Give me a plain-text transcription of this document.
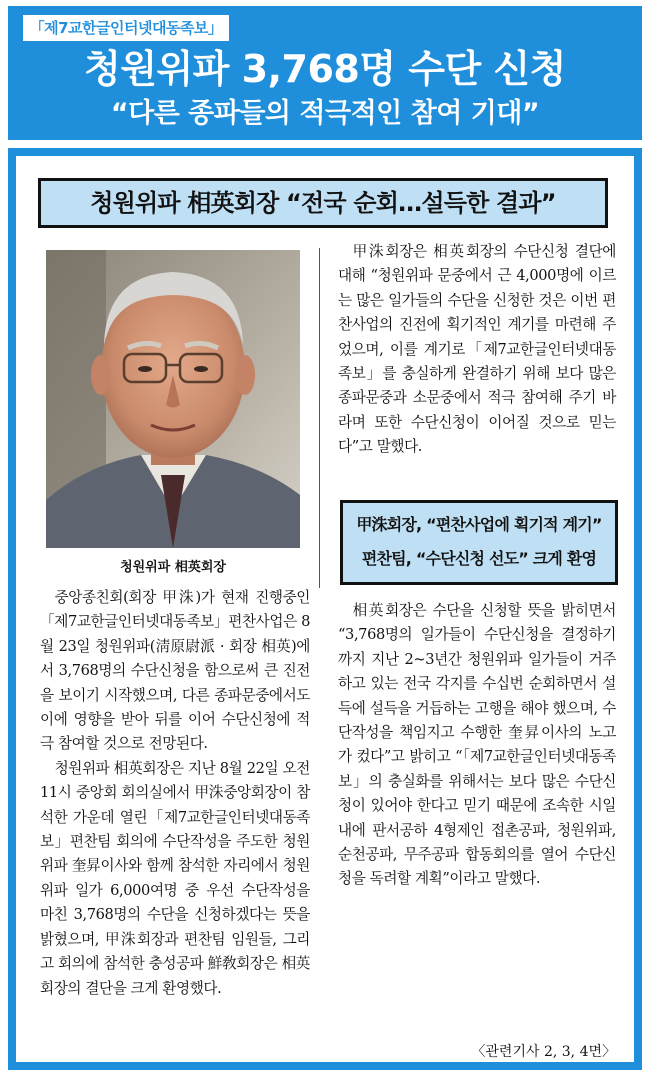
「제7교한글인터넷대동족보」
청원위파 3,768명 수단 신청
“다른 종파들의 적극적인 참여 기대”
청원위파 相英회장 “전국 순회…설득한 결과”
청원위파 相英회장

중앙종친회(회장 甲洙)가 현재 진행중인「제7교한글인터넷대동족보」편찬사업은 8월 23일 청원위파(淸原尉派 · 회장 相英)에서 3,768명의 수단신청을 함으로써 큰 진전을 보이기 시작했으며, 다른 종파문중에서도 이에 영향을 받아 뒤를 이어 수단신청에 적극 참여할 것으로 전망된다.

청원위파 相英회장은 지난 8월 22일 오전 11시 중앙회 회의실에서 甲洙중앙회장이 참석한 가운데 열린「제7교한글인터넷대동족보」편찬팀 회의에 수단작성을 주도한 청원위파 奎昇이사와 함께 참석한 자리에서 청원위파 일가 6,000여명 중 우선 수단작성을 마친 3,768명의 수단을 신청하겠다는 뜻을 밝혔으며, 甲洙회장과 편찬팀 임원들, 그리고 회의에 참석한 충성공파 鮮敎회장은 相英회장의 결단을 크게 환영했다.

甲洙회장은 相英회장의 수단신청 결단에 대해 “청원위파 문중에서 근 4,000명에 이르는 많은 일가들의 수단을 신청한 것은 이번 편찬사업의 진전에 획기적인 계기를 마련해 주었으며, 이를 계기로「제7교한글인터넷대동족보」를 충실하게 완결하기 위해 보다 많은 종파문중과 소문중에서 적극 참여해 주기 바라며 또한 수단신청이 이어질 것으로 믿는다”고 말했다.

甲洙회장, “편찬사업에 획기적 계기”
편찬팀, “수단신청 선도” 크게 환영

相英회장은 수단을 신청할 뜻을 밝히면서 “3,768명의 일가들이 수단신청을 결정하기까지 지난 2~3년간 청원위파 일가들이 거주하고 있는 전국 각지를 수십번 순회하면서 설득에 설득을 거듭하는 고행을 해야 했으며, 수단작성을 책임지고 수행한 奎昇이사의 노고가 컸다”고 밝히고 “「제7교한글인터넷대동족보」의 충실화를 위해서는 보다 많은 수단신청이 있어야 한다고 믿기 때문에 조속한 시일내에 판서공하 4형제인 접촌공파, 청원위파, 순천공파, 무주공파 합동회의를 열어 수단신청을 독려할 계획”이라고 말했다.

〈관련기사 2, 3, 4면〉
